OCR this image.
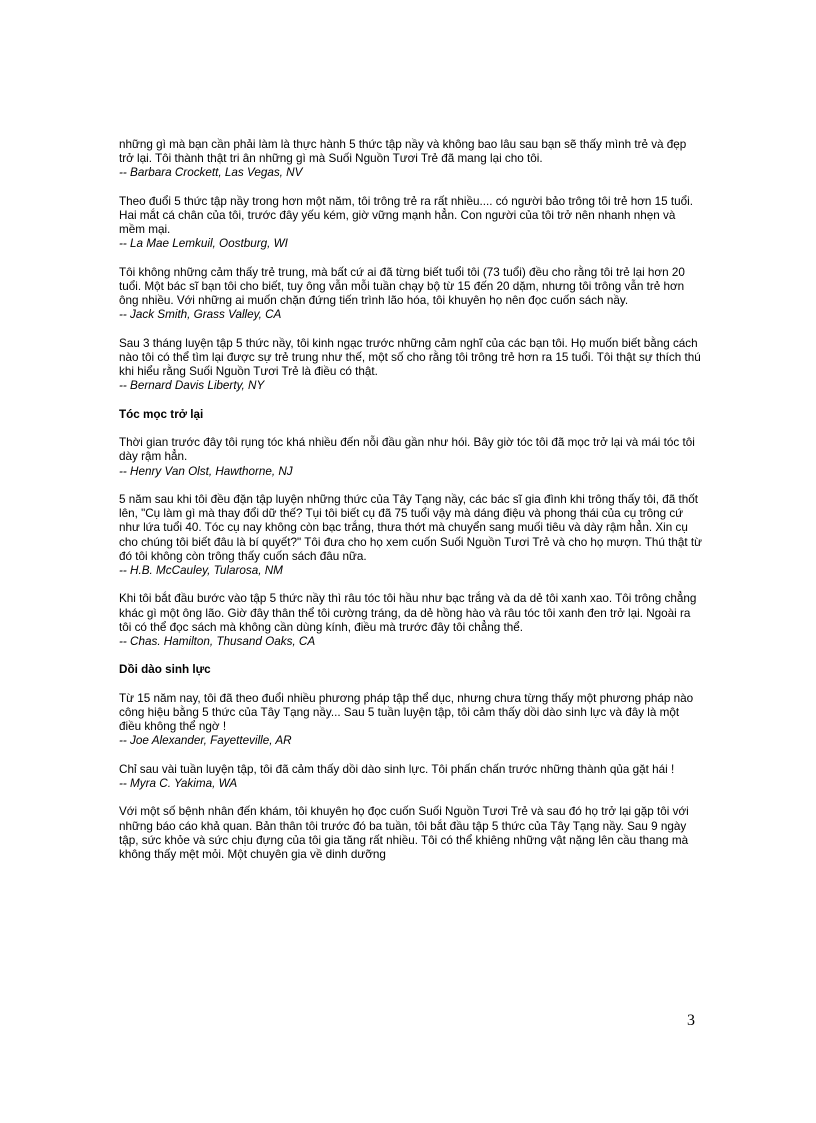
những gì mà bạn cần phải làm là thực hành 5 thức tập nầy và không bao lâu sau bạn sẽ thấy mình trẻ và đẹp trở lại. Tôi thành thật tri ân những gì mà Suối Nguồn Tươi Trẻ đã mang lại cho tôi.

-- Barbara Crockett, Las Vegas, NV

Theo đuổi 5 thức tập nầy trong hơn một năm, tôi trông trẻ ra rất nhiều.... có người bảo trông tôi trẻ hơn 15 tuổi. Hai mắt cá chân của tôi, trước đây yếu kém, giờ vững mạnh hẳn. Con người của tôi trở nên nhanh nhẹn và mềm mại.

-- La Mae Lemkuil, Oostburg, WI

Tôi không những cảm thấy trẻ trung, mà bất cứ ai đã từng biết tuổi tôi (73 tuổi) đều cho rằng tôi trẻ lại hơn 20 tuổi. Một bác sĩ bạn tôi cho biết, tuy ông vẫn mỗi tuần chạy bộ từ 15 đến 20 dặm, nhưng tôi trông vẫn trẻ hơn ông nhiều. Với những ai muốn chặn đứng tiến trình lão hóa, tôi khuyên họ nên đọc cuốn sách nầy.

-- Jack Smith, Grass Valley, CA

Sau 3 tháng luyện tập 5 thức nầy, tôi kinh ngạc trước những cảm nghĩ của các bạn tôi. Họ muốn biết bằng cách nào tôi có thể tìm lại được sự trẻ trung như thế, một số cho rằng tôi trông trẻ hơn ra 15 tuổi. Tôi thật sự thích thú khi hiểu rằng Suối Nguồn Tươi Trẻ là điều có thật.

-- Bernard Davis Liberty, NY

Tóc mọc trở lại

Thời gian trước đây tôi rụng tóc khá nhiều đến nỗi đầu gần như hói. Bây giờ tóc tôi đã mọc trở lại và mái tóc tôi dày rậm hẳn.

-- Henry Van Olst, Hawthorne, NJ

5 năm sau khi tôi đều đặn tập luyện những thức của Tây Tạng nầy, các bác sĩ gia đình khi trông thấy tôi, đã thốt lên, "Cụ làm gì mà thay đổi dữ thế? Tụi tôi biết cụ đã 75 tuổi vậy mà dáng điệu và phong thái của cụ trông cứ như lứa tuổi 40. Tóc cụ nay không còn bạc trắng, thưa thớt mà chuyển sang muối tiêu và dày rậm hẳn. Xin cụ cho chúng tôi biết đâu là bí quyết?" Tôi đưa cho họ xem cuốn Suối Nguồn Tươi Trẻ và cho họ mượn. Thú thật từ đó tôi không còn trông thấy cuốn sách đâu nữa.

-- H.B. McCauley, Tularosa, NM

Khi tôi bắt đầu bước vào tập 5 thức nầy thì râu tóc tôi hầu như bạc trắng và da dẻ tôi xanh xao. Tôi trông chẳng khác gì một ông lão. Giờ đây thân thể tôi cường tráng, da dẻ hồng hào và râu tóc tôi xanh đen trở lại. Ngoài ra tôi có thể đọc sách mà không cần dùng kính, điều mà trước đây tôi chẳng thể.

-- Chas. Hamilton, Thusand Oaks, CA

Dồi dào sinh lực

Từ 15 năm nay, tôi đã theo đuổi nhiều phương pháp tập thể dục, nhưng chưa từng thấy một phương pháp nào công hiệu bằng 5 thức của Tây Tạng nầy... Sau 5 tuần luyện tập, tôi cảm thấy dồi dào sinh lực và đây là một điều không thể ngờ !

-- Joe Alexander, Fayetteville, AR

Chỉ sau vài tuần luyện tập, tôi đã cảm thấy dồi dào sinh lực. Tôi phấn chấn trước những thành qủa gặt hái !

-- Myra C. Yakima, WA

Với một số bệnh nhân đến khám, tôi khuyên họ đọc cuốn Suối Nguồn Tươi Trẻ và sau đó họ trở lại gặp tôi với những báo cáo khả quan. Bản thân tôi trước đó ba tuần, tôi bắt đầu tập 5 thức của Tây Tạng nầy. Sau 9 ngày tập, sức khỏe và sức chịu đựng của tôi gia tăng rất nhiều. Tôi có thể khiêng những vật nặng lên cầu thang mà không thấy mệt mỏi. Một chuyên gia về dinh dưỡng

3
